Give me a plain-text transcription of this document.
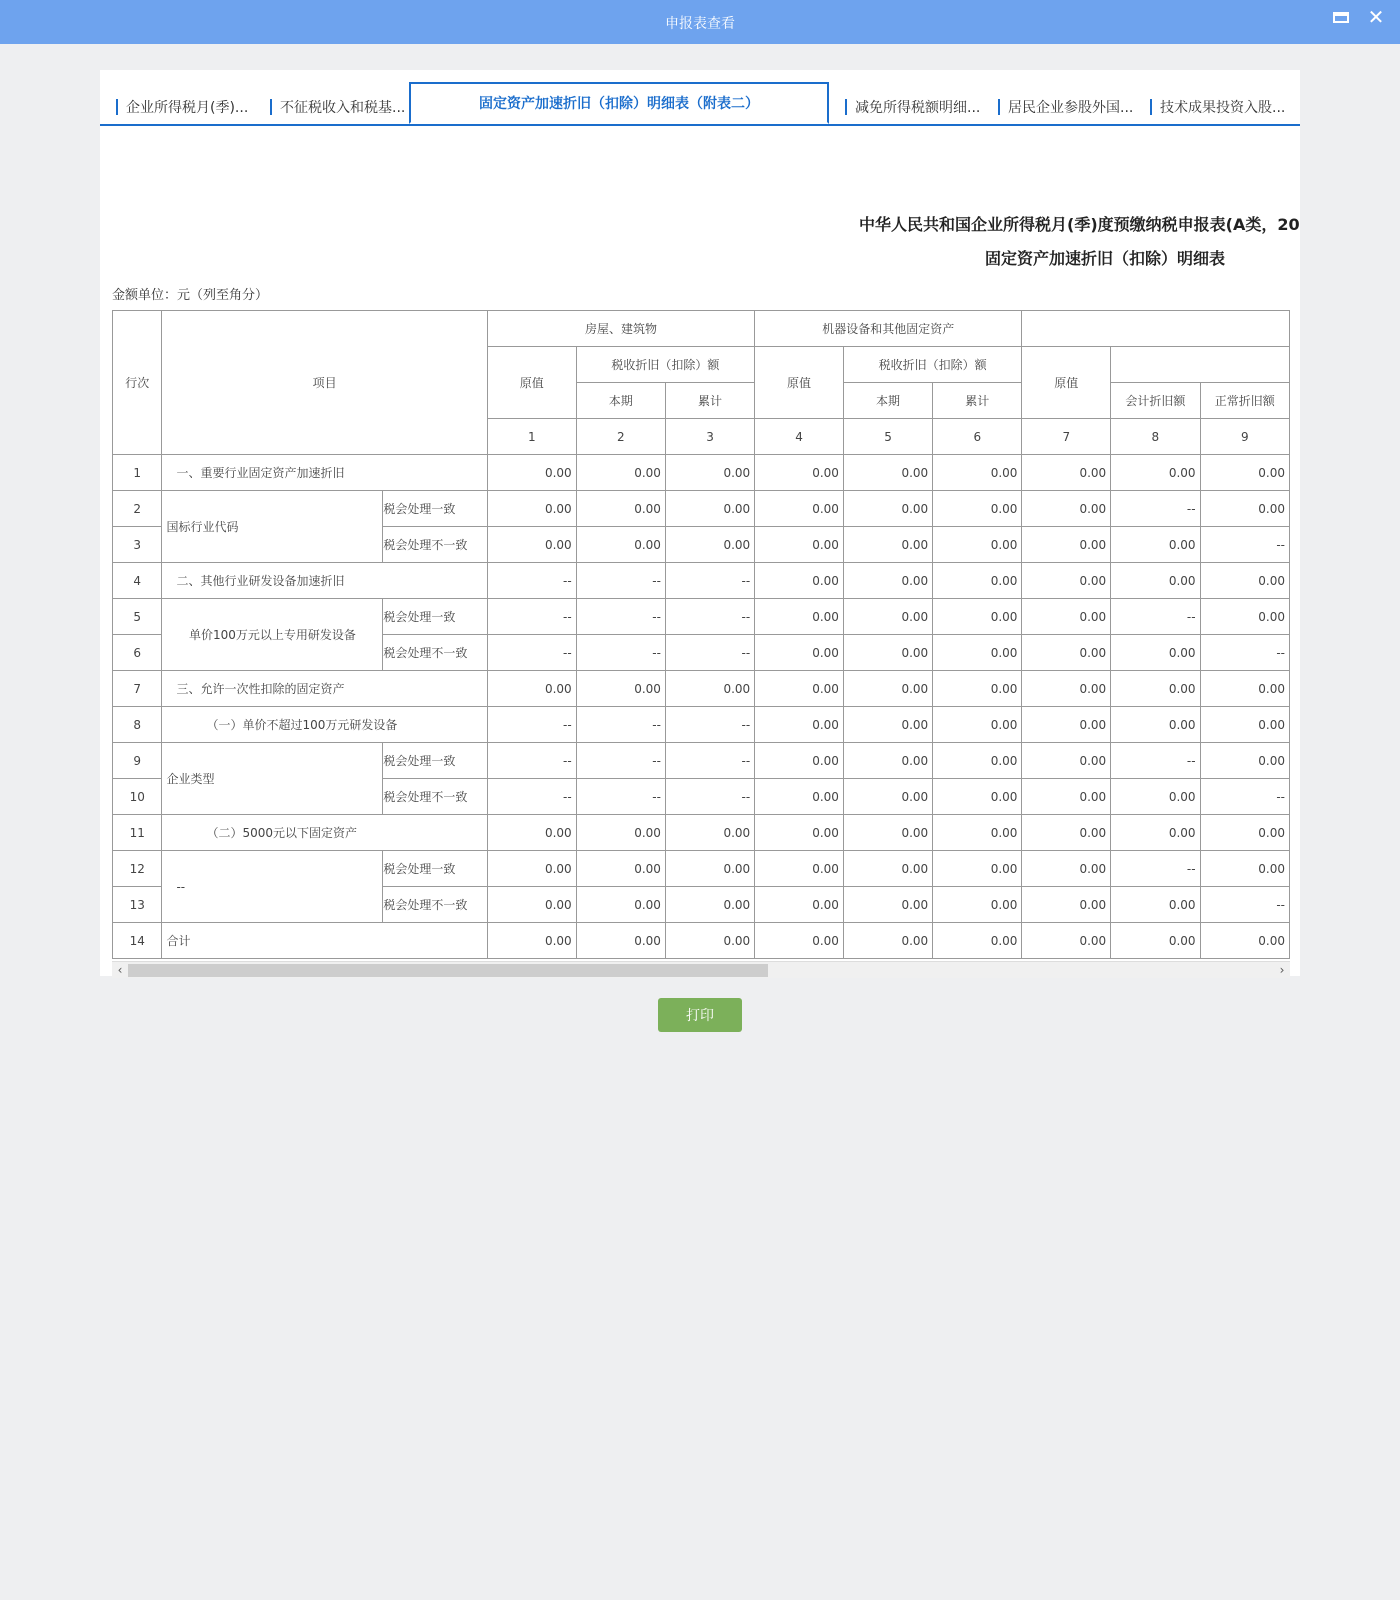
申报表查看	✕
企业所得税月(季)... 不征税收入和税基...	固定资产加速折旧（扣除）明细表（附表二）	减免所得税额明细... 居民企业参股外国... 技术成果投资入股...
中华人民共和国企业所得税月(季)度预缴纳税申报表(A类，20
固定资产加速折旧（扣除）明细表
金额单位：元（列至角分）
行次	项目		房屋、建筑物			机器设备和其他固定资产					
			原值	税收折旧（扣除）额		原值	税收折旧（扣除）额		原值		
				本期	累计		本期	累计		会计折旧额	正常折旧额
			1	2	3	4	5	6	7	8	9
1	一、重要行业固定资产加速折旧		0.00	0.00	0.00	0.00	0.00	0.00	0.00	0.00	0.00
2	国标行业代码	税会处理一致	0.00	0.00	0.00	0.00	0.00	0.00	0.00	--	0.00
3		税会处理不一致	0.00	0.00	0.00	0.00	0.00	0.00	0.00	0.00	--
4	二、其他行业研发设备加速折旧		--	--	--	0.00	0.00	0.00	0.00	0.00	0.00
5	单价100万元以上专用研发设备	税会处理一致	--	--	--	0.00	0.00	0.00	0.00	--	0.00
6		税会处理不一致	--	--	--	0.00	0.00	0.00	0.00	0.00	--
7	三、允许一次性扣除的固定资产		0.00	0.00	0.00	0.00	0.00	0.00	0.00	0.00	0.00
8	（一）单价不超过100万元研发设备		--	--	--	0.00	0.00	0.00	0.00	0.00	0.00
9	企业类型	税会处理一致	--	--	--	0.00	0.00	0.00	0.00	--	0.00
10		税会处理不一致	--	--	--	0.00	0.00	0.00	0.00	0.00	--
11	（二）5000元以下固定资产		0.00	0.00	0.00	0.00	0.00	0.00	0.00	0.00	0.00
12	--	税会处理一致	0.00	0.00	0.00	0.00	0.00	0.00	0.00	--	0.00
13		税会处理不一致	0.00	0.00	0.00	0.00	0.00	0.00	0.00	0.00	--
14	合计		0.00	0.00	0.00	0.00	0.00	0.00	0.00	0.00	0.00
‹	›
打印
